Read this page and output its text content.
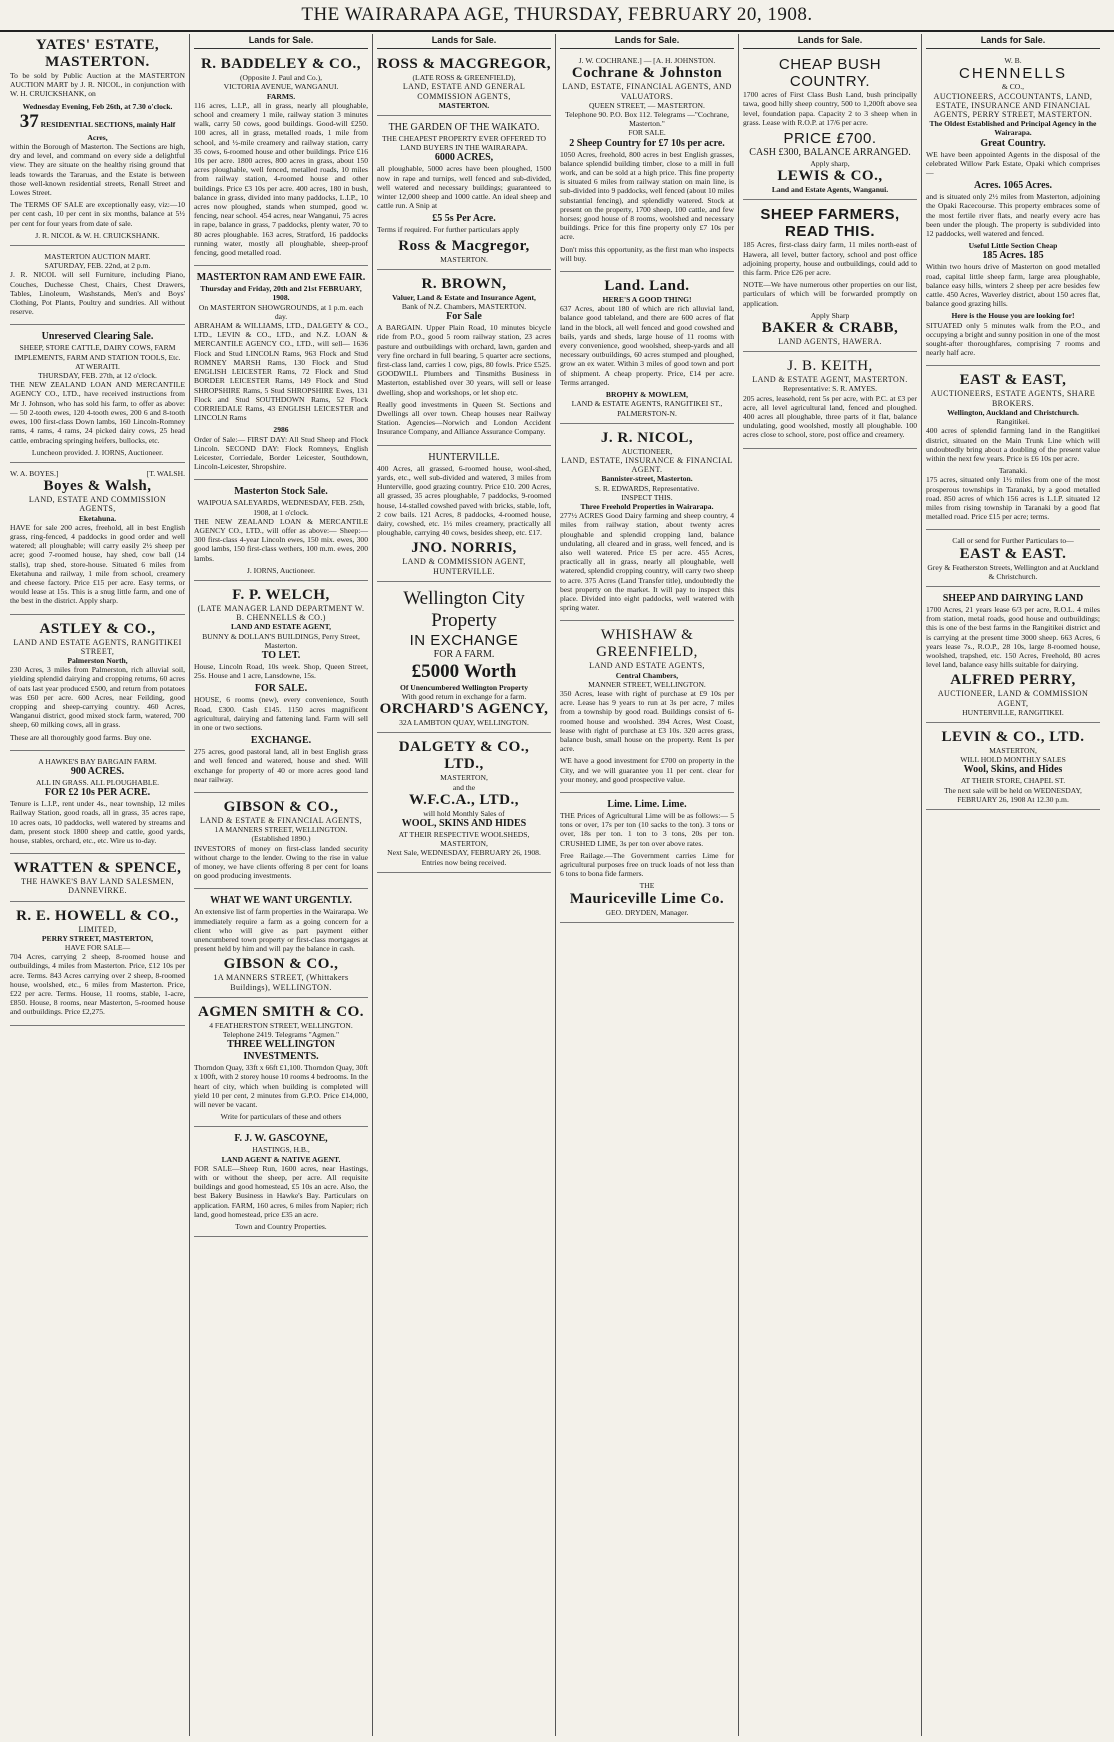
THE WAIRARAPA AGE, THURSDAY, FEBRUARY 20, 1908.
YATES' ESTATE, MASTERTON.

To be sold by Public Auction at the MASTERTON AUCTION MART by J. R. NICOL, in conjunction with W. H. CRUICKSHANK, on

Wednesday Evening, Feb 26th, at 7.30 o'clock.
37 RESIDENTIAL SECTIONS, mainly Half Acres,

within the Borough of Masterton. The Sections are high, dry and level, and command on every side a delightful view. They are situate on the healthy rising ground that leads towards the Tararuas, and the Estate is between those well-known residential streets, Renall Street and Lowes Street.

The TERMS OF SALE are exceptionally easy, viz:—10 per cent cash, 10 per cent in six months, balance at 5½ per cent for four years from date of sale.

J. R. NICOL & W. H. CRUICKSHANK.
MASTERTON AUCTION MART.
SATURDAY, FEB. 22nd, at 2 p.m.

J. R. NICOL will sell Furniture, including Piano, Couches, Duchesse Chest, Chairs, Chest Drawers, Tables, Linoleum, Washstands, Men's and Boys' Clothing, Pot Plants, Poultry and sundries. All without reserve.

Unreserved Clearing Sale.
SHEEP, STORE CATTLE, DAIRY COWS, FARM IMPLEMENTS, FARM AND STATION TOOLS, Etc.
AT WERAITI.
THURSDAY, FEB. 27th, at 12 o'clock.

THE NEW ZEALAND LOAN AND MERCANTILE AGENCY CO., LTD., have received instructions from Mr J. Johnson, who has sold his farm, to offer as above:— 50 2-tooth ewes, 120 4-tooth ewes, 200 6 and 8-tooth ewes, 100 first-class Down lambs, 160 Lincoln-Romney rams, 4 rams, 4 rams, 24 picked dairy cows, 25 head cattle, embracing springing heifers, bullocks, etc.

Luncheon provided. J. IORNS, Auctioneer.
W. A. BOYES.]	[T. WALSH.
Boyes & Walsh,
LAND, ESTATE AND COMMISSION AGENTS,
Eketahuna.

HAVE for sale 200 acres, freehold, all in best English grass, ring-fenced, 4 paddocks in good order and well watered; all ploughable; will carry easily 2½ sheep per acre; good 7-roomed house, hay shed, cow ball (14 stalls), trap shed, store-house. Situated 6 miles from Eketahuna and railway, 1 mile from school, creamery and cheese factory. Price £15 per acre. Easy terms, or would lease at 15s. This is a snug little farm, and one of the best in the district. Apply sharp.

ASTLEY & CO.,
LAND AND ESTATE AGENTS, RANGITIKEI STREET,
Palmerston North,

230 Acres, 3 miles from Palmerston, rich alluvial soil, yielding splendid dairying and cropping returns, 60 acres of oats last year produced £500, and return from potatoes was £60 per acre. 600 Acres, near Feilding, good cropping and sheep-carrying country. 460 Acres, Wanganui district, good mixed stock farm, watered, 700 sheep, 60 milking cows, all in grass.

These are all thoroughly good farms. Buy one.

A HAWKE'S BAY BARGAIN FARM.
900 ACRES.
ALL IN GRASS. ALL PLOUGHABLE.
FOR £2 10s PER ACRE.

Tenure is L.I.P., rent under 4s., near township, 12 miles Railway Station, good roads, all in grass, 35 acres rape, 10 acres oats, 10 paddocks, well watered by streams and dam, present stock 1800 sheep and cattle, good yards, house, stables, orchard, etc., etc. Wire us to-day.

WRATTEN & SPENCE,
THE HAWKE'S BAY LAND SALESMEN, DANNEVIRKE.
R. E. HOWELL & CO.,
LIMITED,
PERRY STREET, MASTERTON,
HAVE FOR SALE—

704 Acres, carrying 2 sheep, 8-roomed house and outbuildings, 4 miles from Masterton. Price, £12 10s per acre. Terms. 843 Acres carrying over 2 sheep, 8-roomed house, woolshed, etc., 6 miles from Masterton. Price, £22 per acre. Terms. House, 11 rooms, stable, 1-acre, £850. House, 8 rooms, near Masterton, 5-roomed house and outbuildings. Price £2,275.

Lands for Sale.
R. BADDELEY & CO.,
(Opposite J. Paul and Co.),
VICTORIA AVENUE, WANGANUI.
FARMS.

116 acres, L.I.P., all in grass, nearly all ploughable, school and creamery 1 mile, railway station 3 minutes walk, carry 50 cows, good buildings. Good-will £250. 100 acres, all in grass, metalled roads, 1 mile from school, and ½-mile creamery and railway station, carry 35 cows, 6-roomed house and other buildings. Price £16 10s per acre. 1800 acres, 800 acres in grass, about 150 acres ploughable, well fenced, metalled roads, 10 miles from railway station, 4-roomed house and other buildings. Price £3 10s per acre. 400 acres, 180 in bush, balance in grass, divided into many paddocks, L.I.P., 10 acres now ploughed, stands when stumped, good w. fencing, near school. 454 acres, near Wanganui, 75 acres in rape, balance in grass, 7 paddocks, plenty water, 70 to 80 acres ploughable. 163 acres, Stratford, 16 paddocks running water, mostly all ploughable, sheep-proof fencing, good metalled road.

MASTERTON RAM AND EWE FAIR.
Thursday and Friday, 20th and 21st FEBRUARY, 1908.
On MASTERTON SHOWGROUNDS, at 1 p.m. each day.

ABRAHAM & WILLIAMS, LTD., DALGETY & CO., LTD., LEVIN & CO., LTD., and N.Z. LOAN & MERCANTILE AGENCY CO., LTD., will sell— 1636 Flock and Stud LINCOLN Rams, 963 Flock and Stud ROMNEY MARSH Rams, 130 Flock and Stud ENGLISH LEICESTER Rams, 72 Flock and Stud BORDER LEICESTER Rams, 149 Flock and Stud SHROPSHIRE Rams, 5 Stud SHROPSHIRE Ewes, 131 Flock and Stud SOUTHDOWN Rams, 52 Flock CORRIEDALE Rams, 43 ENGLISH LEICESTER and LINCOLN Rams

2986

Order of Sale:— FIRST DAY: All Stud Sheep and Flock Lincoln. SECOND DAY: Flock Romneys, English Leicester, Corriedale, Border Leicester, Southdown, Lincoln-Leicester, Shropshire.

Masterton Stock Sale.
WAIPOUA SALEYARDS, WEDNESDAY, FEB. 25th, 1908, at 1 o'clock.

THE NEW ZEALAND LOAN & MERCANTILE AGENCY CO., LTD., will offer as above:— Sheep:— 300 first-class 4-year Lincoln ewes, 150 mix. ewes, 300 good lambs, 150 first-class wethers, 100 m.m. ewes, 200 lambs.

J. IORNS, Auctioneer.
F. P. WELCH,
(LATE MANAGER LAND DEPARTMENT W. B. CHENNELLS & CO.)
LAND AND ESTATE AGENT,
BUNNY & DOLLAN'S BUILDINGS, Perry Street, Masterton.
TO LET.

House, Lincoln Road, 10s week. Shop, Queen Street, 25s. House and 1 acre, Lansdowne, 15s.

FOR SALE.

HOUSE, 6 rooms (new), every convenience, South Road, £300. Cash £145. 1150 acres magnificent agricultural, dairying and fattening land. Farm will sell in one or two sections.

EXCHANGE.

275 acres, good pastoral land, all in best English grass and well fenced and watered, house and shed. Will exchange for property of 40 or more acres good land near railway.

GIBSON & CO.,
LAND & ESTATE & FINANCIAL AGENTS,
1A MANNERS STREET, WELLINGTON.
(Established 1890.)

INVESTORS of money on first-class landed security without charge to the lender. Owing to the rise in value of money, we have clients offering 8 per cent for loans on good producing investments.

WHAT WE WANT URGENTLY.

An extensive list of farm properties in the Wairarapa. We immediately require a farm as a going concern for a client who will give as part payment either unencumbered town property or first-class mortgages at present held by him and will pay the balance in cash.

GIBSON & CO.,
1A MANNERS STREET, (Whittakers Buildings), WELLINGTON.
AGMEN SMITH & CO.
4 FEATHERSTON STREET, WELLINGTON. Telephone 2419. Telegrams "Agmen."
THREE WELLINGTON INVESTMENTS.

Thorndon Quay, 33ft x 66ft £1,100. Thorndon Quay, 30ft x 100ft, with 2 storey house 10 rooms 4 bedrooms. In the heart of city, which when building is completed will yield 10 per cent, 2 minutes from G.P.O. Price £14,000, will never be vacant.

Write for particulars of these and others
F. J. W. GASCOYNE,
HASTINGS, H.B.,
LAND AGENT & NATIVE AGENT.

FOR SALE—Sheep Run, 1600 acres, near Hastings, with or without the sheep, per acre. All requisite buildings and good homestead, £5 10s an acre. Also, the best Bakery Business in Hawke's Bay. Particulars on application. FARM, 160 acres, 6 miles from Napier; rich land, good homestead, price £35 an acre.

Town and Country Properties.
Lands for Sale.
ROSS & MACGREGOR,
(LATE ROSS & GREENFIELD),
LAND, ESTATE AND GENERAL COMMISSION AGENTS,
MASTERTON.
THE GARDEN OF THE WAIKATO.
THE CHEAPEST PROPERTY EVER OFFERED TO LAND BUYERS IN THE WAIRARAPA.
6000 ACRES,

all ploughable, 5000 acres have been ploughed, 1500 now in rape and turnips, well fenced and sub-divided, well watered and necessary buildings; guaranteed to winter 12,000 sheep and 1000 cattle. An ideal sheep and cattle run. A Snip at

£5 5s Per Acre.

Terms if required. For further particulars apply

Ross & Macgregor,
MASTERTON.
R. BROWN,
Valuer, Land & Estate and Insurance Agent,
Bank of N.Z. Chambers, MASTERTON.
For Sale

A BARGAIN. Upper Plain Road, 10 minutes bicycle ride from P.O., good 5 room railway station, 23 acres pasture and outbuildings with orchard, lawn, garden and very fine orchard in full bearing, 5 quarter acre sections, first-class land, carries 1 cow, pigs, 80 fowls. Price £525. GOODWILL Plumbers and Tinsmiths Business in Masterton, established over 30 years, will sell or lease dwelling, shop and workshops, or let shop etc.

Really good investments in Queen St. Sections and Dwellings all over town. Cheap houses near Railway Station. Agencies—Norwich and London Accident Insurance Company, and Alliance Assurance Company.

HUNTERVILLE.

400 Acres, all grassed, 6-roomed house, wool-shed, yards, etc., well sub-divided and watered, 3 miles from Hunterville, good grazing country. Price £10. 200 Acres, all grassed, 35 acres ploughable, 7 paddocks, 9-roomed house, 14-stalled cowshed paved with bricks, stable, loft, 2 cow bails. 121 Acres, 8 paddocks, 4-roomed house, dairy, cowshed, etc. 1½ miles creamery, practically all ploughable, carrying 40 cows, besides sheep, etc. £17.

JNO. NORRIS,
LAND & COMMISSION AGENT, HUNTERVILLE.
Wellington City Property
IN EXCHANGE
FOR A FARM.
£5000 Worth
Of Unencumbered Wellington Property
With good return in exchange for a farm.
ORCHARD'S AGENCY,
32A LAMBTON QUAY, WELLINGTON.
DALGETY & CO., LTD.,
MASTERTON,
and the
W.F.C.A., LTD.,
will hold Monthly Sales of
WOOL, SKINS AND HIDES
AT THEIR RESPECTIVE WOOLSHEDS, MASTERTON,
Next Sale, WEDNESDAY, FEBRUARY 26, 1908. Entries now being received.
Lands for Sale.
J. W. COCHRANE.] — [A. H. JOHNSTON.
Cochrane & Johnston
LAND, ESTATE, FINANCIAL AGENTS, AND VALUATORS.
QUEEN STREET, — MASTERTON.
Telephone 90. P.O. Box 112. Telegrams —"Cochrane, Masterton."
FOR SALE.
2 Sheep Country for £7 10s per acre.

1050 Acres, freehold, 800 acres in best English grasses, balance splendid building timber, close to a mill in full work, and can be sold at a high price. This fine property is situated 6 miles from railway station on main line, is sub-divided into 9 paddocks, well fenced (about 10 miles substantial fencing), and splendidly watered. Stock at present on the property, 1700 sheep, 100 cattle, and few horses; good house of 8 rooms, woolshed and necessary buildings. Price for this fine property only £7 10s per acre.

Don't miss this opportunity, as the first man who inspects will buy.

Land. Land.
HERE'S A GOOD THING!

637 Acres, about 180 of which are rich alluvial land, balance good tableland, and there are 600 acres of flat land in the block, all well fenced and good cowshed and bails, yards and sheds, large house of 11 rooms with every convenience, good woolshed, sheep-yards and all necessary outbuildings, 60 acres stumped and ploughed, grow an ex water. Within 3 miles of good town and port of shipment. A cheap property. Price, £14 per acre. Terms arranged.

BROPHY & MOWLEM,
LAND & ESTATE AGENTS, RANGITIKEI ST., PALMERSTON-N.
J. R. NICOL,
AUCTIONEER,
LAND, ESTATE, INSURANCE & FINANCIAL AGENT.
Bannister-street, Masterton.
S. R. EDWARDS, Representative.
INSPECT THIS.
Three Freehold Properties in Wairarapa.

277½ ACRES Good Dairy farming and sheep country, 4 miles from railway station, about twenty acres ploughable and splendid cropping land, balance undulating, all cleared and in grass, well fenced, and is also well watered. Price £5 per acre. 455 Acres, practically all in grass, nearly all ploughable, well watered, splendid cropping country, will carry two sheep to acre. 375 Acres (Land Transfer title), undoubtedly the best property on the market. It will pay to inspect this place. Divided into eight paddocks, well watered with spring water.

WHISHAW & GREENFIELD,
LAND AND ESTATE AGENTS,
Central Chambers,
MANNER STREET, WELLINGTON.

350 Acres, lease with right of purchase at £9 10s per acre. Lease has 9 years to run at 3s per acre, 7 miles from a township by good road. Buildings consist of 6-roomed house and woolshed. 394 Acres, West Coast, lease with right of purchase at £3 10s. 320 acres grass, balance bush, small house on the property. Rent 1s per acre.

WE have a good investment for £700 on property in the City, and we will guarantee you 11 per cent. clear for your money, and good prospective value.

Lime. Lime. Lime.

THE Prices of Agricultural Lime will be as follows:— 5 tons or over, 17s per ton (10 sacks to the ton). 3 tons or over, 18s per ton. 1 ton to 3 tons, 20s per ton. CRUSHED LIME, 3s per ton over above rates.

Free Railage.—The Government carries Lime for agricultural purposes free on truck loads of not less than 6 tons to bona fide farmers.

THE
Mauriceville Lime Co.
GEO. DRYDEN, Manager.
Lands for Sale.
CHEAP BUSH COUNTRY.

1700 acres of First Class Bush Land, bush principally tawa, good hilly sheep country, 500 to 1,200ft above sea level, foundation papa. Capacity 2 to 3 sheep when in grass. Lease with R.O.P. at 17/6 per acre.

PRICE £700.
CASH £300, BALANCE ARRANGED.
Apply sharp,
LEWIS & CO.,
Land and Estate Agents, Wanganui.
SHEEP FARMERS, READ THIS.

185 Acres, first-class dairy farm, 11 miles north-east of Hawera, all level, butter factory, school and post office adjoining property, house and outbuildings, could add to this farm. Price £26 per acre.

NOTE—We have numerous other properties on our list, particulars of which will be forwarded promptly on application.

Apply Sharp
BAKER & CRABB,
LAND AGENTS, HAWERA.
J. B. KEITH,
LAND & ESTATE AGENT, MASTERTON.
Representative: S. R. AMYES.

205 acres, leasehold, rent 5s per acre, with P.C. at £3 per acre, all level agricultural land, fenced and ploughed. 400 acres all ploughable, three parts of it flat, balance undulating, good woolshed, mostly all ploughable. 100 acres close to school, store, post office and creamery.

Lands for Sale.
W. B.
CHENNELLS
& CO.,
AUCTIONEERS, ACCOUNTANTS, LAND, ESTATE, INSURANCE AND FINANCIAL AGENTS, PERRY STREET, MASTERTON.
The Oldest Established and Principal Agency in the Wairarapa.
Great Country.

WE have been appointed Agents in the disposal of the celebrated Willow Park Estate, Opaki which comprises—

Acres. 1065 Acres.

and is situated only 2½ miles from Masterton, adjoining the Opaki Racecourse. This property embraces some of the most fertile river flats, and nearly every acre has been under the plough. The property is subdivided into 12 paddocks, well watered and fenced.

Useful Little Section Cheap
185 Acres. 185

Within two hours drive of Masterton on good metalled road, capital little sheep farm, large area ploughable, balance easy hills, winters 2 sheep per acre besides few cattle. 450 Acres, Waverley district, about 150 acres flat, balance good grazing hills.

Here is the House you are looking for!

SITUATED only 5 minutes walk from the P.O., and occupying a bright and sunny position in one of the most sought-after thoroughfares, comprising 7 rooms and nearly half acre.

EAST & EAST,
AUCTIONEERS, ESTATE AGENTS, SHARE BROKERS.
Wellington, Auckland and Christchurch.
Rangitikei.

400 acres of splendid farming land in the Rangitikei district, situated on the Main Trunk Line which will undoubtedly bring about a doubling of the present value within the next few years. Price is £6 10s per acre.

Taranaki.

175 acres, situated only 1½ miles from one of the most prosperous townships in Taranaki, by a good metalled road. 850 acres of which 156 acres is L.I.P. situated 12 miles from rising township in Taranaki by a good flat metalled road. Price £15 per acre; terms.

Call or send for Further Particulars to—
EAST & EAST.
Grey & Featherston Streets, Wellington and at Auckland & Christchurch.
SHEEP AND DAIRYING LAND

1700 Acres, 21 years lease 6/3 per acre, R.O.L. 4 miles from station, metal roads, good house and outbuildings; this is one of the best farms in the Rangitikei district and is carrying at the present time 3000 sheep. 663 Acres, 6 years lease 7s., R.O.P., 28 10s, large 8-roomed house, woolshed, trapshed, etc. 150 Acres, Freehold, 80 acres level land, balance easy hills suitable for dairying.

ALFRED PERRY,
AUCTIONEER, LAND & COMMISSION AGENT,
HUNTERVILLE, RANGITIKEI.
LEVIN & CO., LTD.
MASTERTON,
WILL HOLD MONTHLY SALES
Wool, Skins, and Hides
AT THEIR STORE, CHAPEL ST.
The next sale will be held on WEDNESDAY, FEBRUARY 26, 1908 At 12.30 p.m.
